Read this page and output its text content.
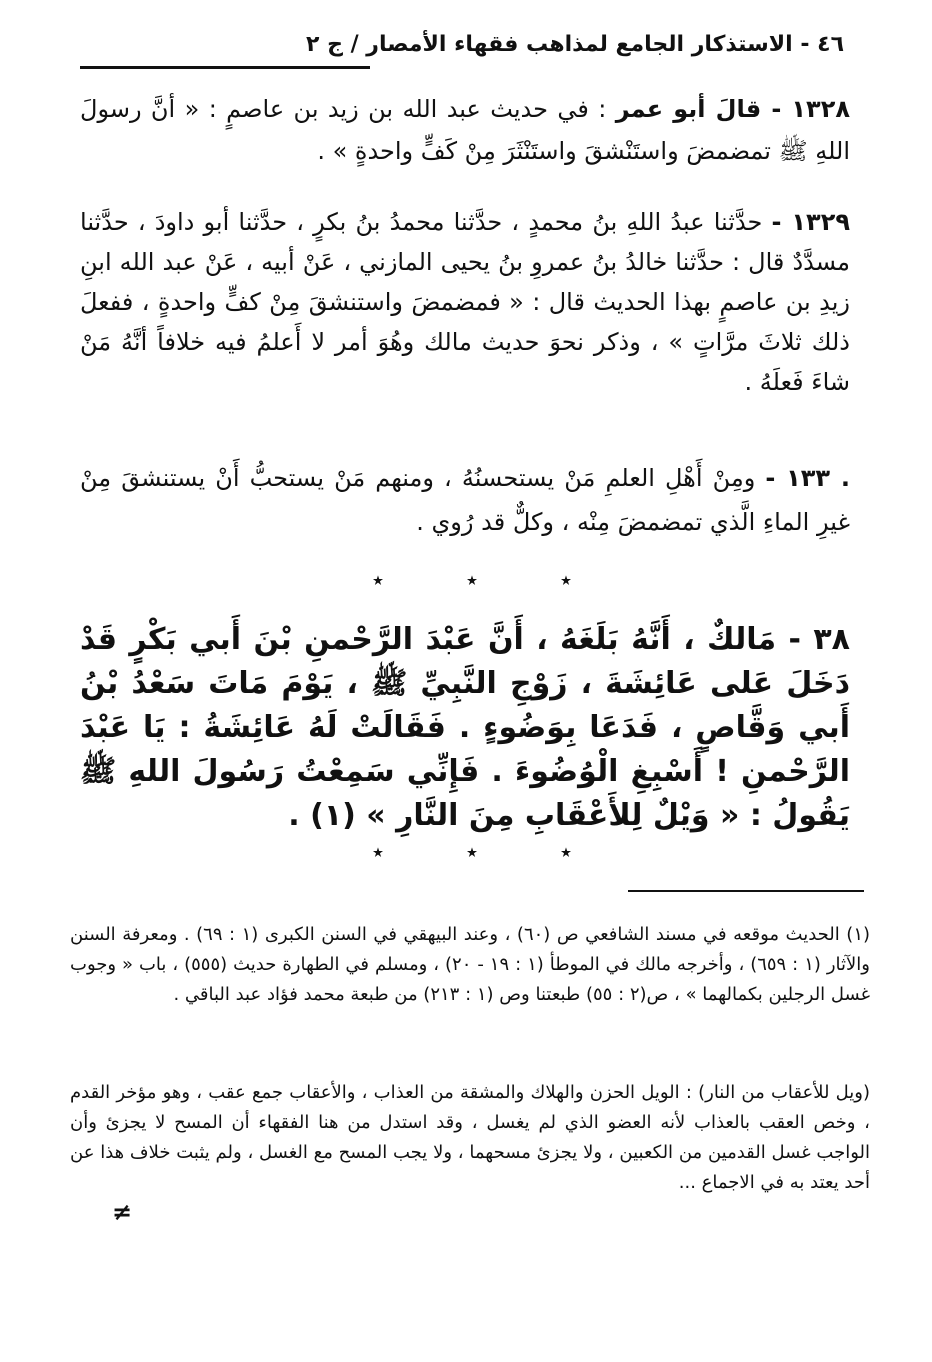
٤٦ - الاستذكار الجامع لمذاهب فقهاء الأمصار / ج ٢

١٣٢٨ - قالَ أبو عمر : في حديث عبد الله بن زيد بن عاصمٍ : « أنَّ رسولَ اللهِ ﷺ تمضمضَ واستَنْشقَ واستَنْثَرَ مِنْ كَفٍّ واحدةٍ » .

١٣٢٩ - حدَّثنا عبدُ اللهِ بنُ محمدٍ ، حدَّثنا محمدُ بنُ بكرٍ ، حدَّثنا أبو داودَ ، حدَّثنا مسدَّدٌ قال : حدَّثنا خالدُ بنُ عمروِ بنُ يحيى المازني ، عَنْ أبيه ، عَنْ عبد الله ابنِ زيدِ بن عاصمٍ بهذا الحديث قال : « فمضمضَ واستنشقَ مِنْ كفٍّ واحدةٍ ، ففعلَ ذلك ثلاثَ مرَّاتٍ » ، وذكر نحوَ حديث مالك وهُوَ أمر لا أَعلمُ فيه خلافاً أنَّهُ مَنْ شاءَ فَعلَهُ .

. ١٣٣ - ومِنْ أَهْلِ العلمِ مَنْ يستحسنُهُ ، ومنهم مَنْ يستحبُّ أَنْ يستنشقَ مِنْ غيرِ الماءِ الَّذي تمضمضَ مِنْه ، وكلٌّ قد رُوي .

٭	٭	٭

٣٨ - مَالكٌ ، أَنَّهُ بَلَغَهُ ، أَنَّ عَبْدَ الرَّحْمنِ بْنَ أَبي بَكْرٍ قَدْ دَخَلَ عَلى عَائِشَةَ ، زَوْجِ النَّبِيِّ ﷺ ، يَوْمَ مَاتَ سَعْدُ بْنُ أَبي وَقَّاصٍ ، فَدَعَا بِوَضُوءٍ . فَقَالَتْ لَهُ عَائِشَةُ : يَا عَبْدَ الرَّحْمنِ ! أَسْبِغِ الْوُضُوءَ . فَإِنِّي سَمِعْتُ رَسُولَ اللهِ ﷺ يَقُولُ : « وَيْلٌ لِلأَعْقَابِ مِنَ النَّارِ » (١) .

٭	٭	٭

(١) الحديث موقعه في مسند الشافعي ص (٦٠) ، وعند البيهقي في السنن الكبرى (١ : ٦٩) . ومعرفة السنن والآثار (١ : ٦٥٩) ، وأخرجه مالك في الموطأ (١ : ١٩ - ٢٠) ، ومسلم في الطهارة حديث (٥٥٥) ، باب « وجوب غسل الرجلين بكمالهما » ، ص(٢ : ٥٥) طبعتنا وص (١ : ٢١٣) من طبعة محمد فؤاد عبد الباقي .

(ويل للأعقاب من النار) : الويل الحزن والهلاك والمشقة من العذاب ، والأعقاب جمع عقب ، وهو مؤخر القدم ، وخص العقب بالعذاب لأنه العضو الذي لم يغسل ، وقد استدل من هنا الفقهاء أن المسح لا يجزئ وأن الواجب غسل القدمين من الكعبين ، ولا يجزئ مسحهما ، ولا يجب المسح مع الغسل ، ولم يثبت خلاف هذا عن أحد يعتد به في الاجماع ...

≠
